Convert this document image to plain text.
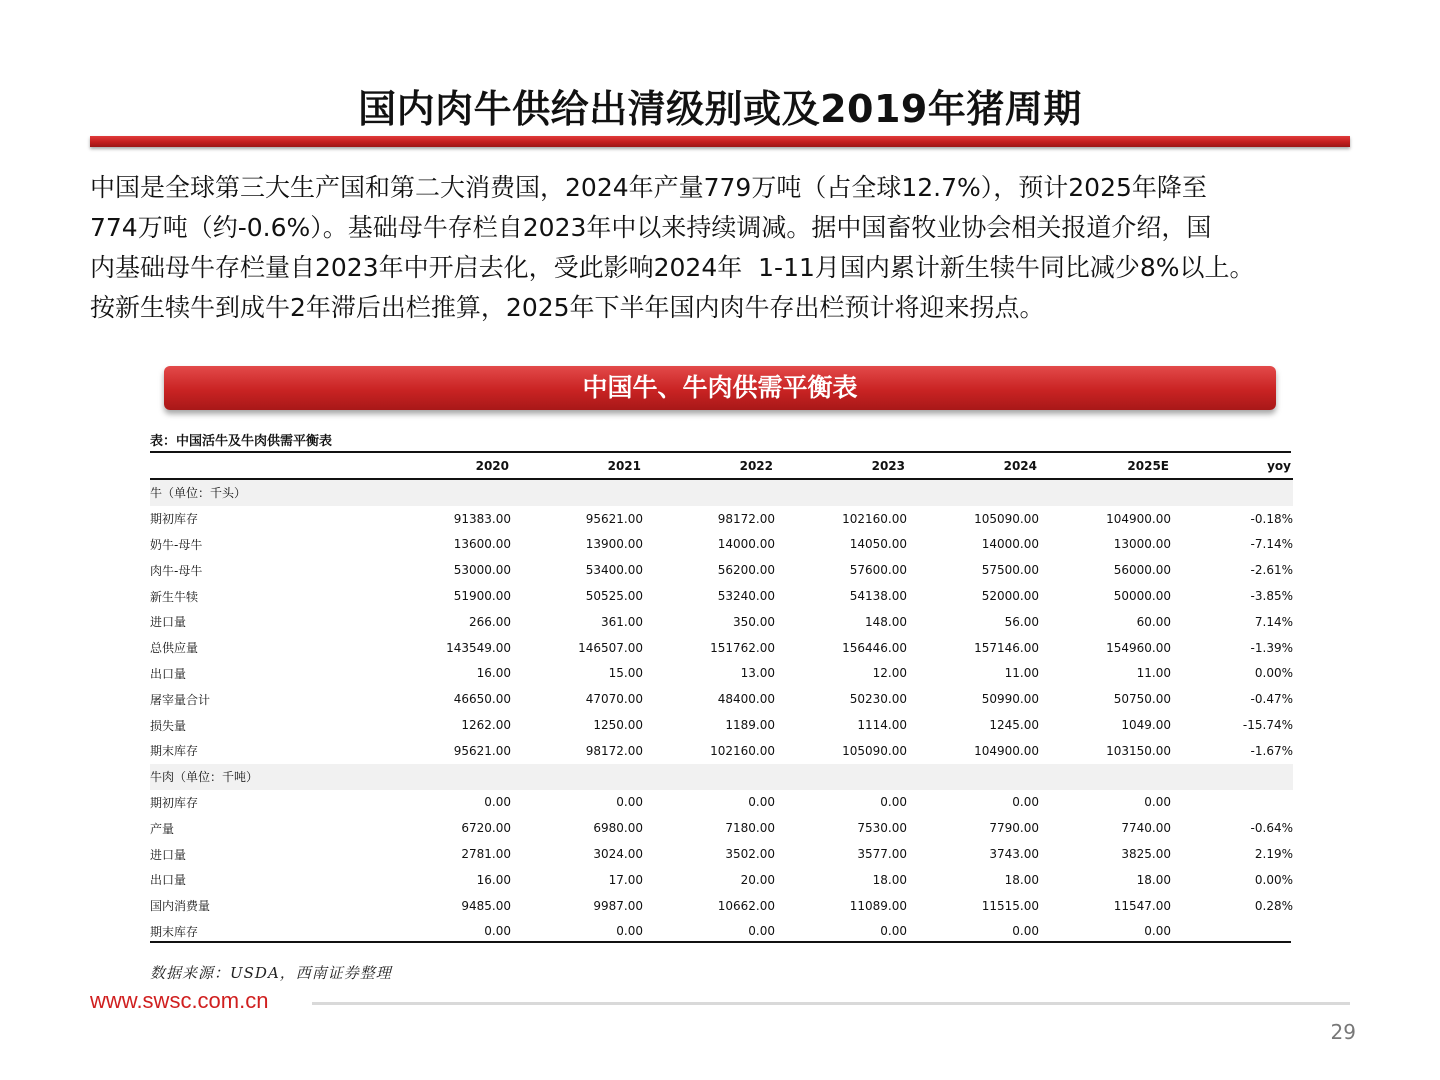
国内肉牛供给出清级别或及2019年猪周期
中国是全球第三大生产国和第二大消费国，2024年产量779万吨（占全球12.7%），预计2025年降至
774万吨（约-0.6%）。基础母牛存栏自2023年中以来持续调减。据中国畜牧业协会相关报道介绍，国
内基础母牛存栏量自2023年中开启去化，受此影响2024年  1-11月国内累计新生犊牛同比减少8%以上。
按新生犊牛到成牛2年滞后出栏推算，2025年下半年国内肉牛存出栏预计将迎来拐点。
中国牛、牛肉供需平衡表
表：中国活牛及牛肉供需平衡表
	2020	2021	2022	2023	2024	2025E	yoy
牛（单位：千头）							
期初库存	91383.00	95621.00	98172.00	102160.00	105090.00	104900.00	-0.18%
奶牛-母牛	13600.00	13900.00	14000.00	14050.00	14000.00	13000.00	-7.14%
肉牛-母牛	53000.00	53400.00	56200.00	57600.00	57500.00	56000.00	-2.61%
新生牛犊	51900.00	50525.00	53240.00	54138.00	52000.00	50000.00	-3.85%
进口量	266.00	361.00	350.00	148.00	56.00	60.00	7.14%
总供应量	143549.00	146507.00	151762.00	156446.00	157146.00	154960.00	-1.39%
出口量	16.00	15.00	13.00	12.00	11.00	11.00	0.00%
屠宰量合计	46650.00	47070.00	48400.00	50230.00	50990.00	50750.00	-0.47%
损失量	1262.00	1250.00	1189.00	1114.00	1245.00	1049.00	-15.74%
期末库存	95621.00	98172.00	102160.00	105090.00	104900.00	103150.00	-1.67%
牛肉（单位：千吨）							
期初库存	0.00	0.00	0.00	0.00	0.00	0.00	
产量	6720.00	6980.00	7180.00	7530.00	7790.00	7740.00	-0.64%
进口量	2781.00	3024.00	3502.00	3577.00	3743.00	3825.00	2.19%
出口量	16.00	17.00	20.00	18.00	18.00	18.00	0.00%
国内消费量	9485.00	9987.00	10662.00	11089.00	11515.00	11547.00	0.28%
期末库存	0.00	0.00	0.00	0.00	0.00	0.00	
数据来源：USDA，西南证券整理
www.swsc.com.cn
29
